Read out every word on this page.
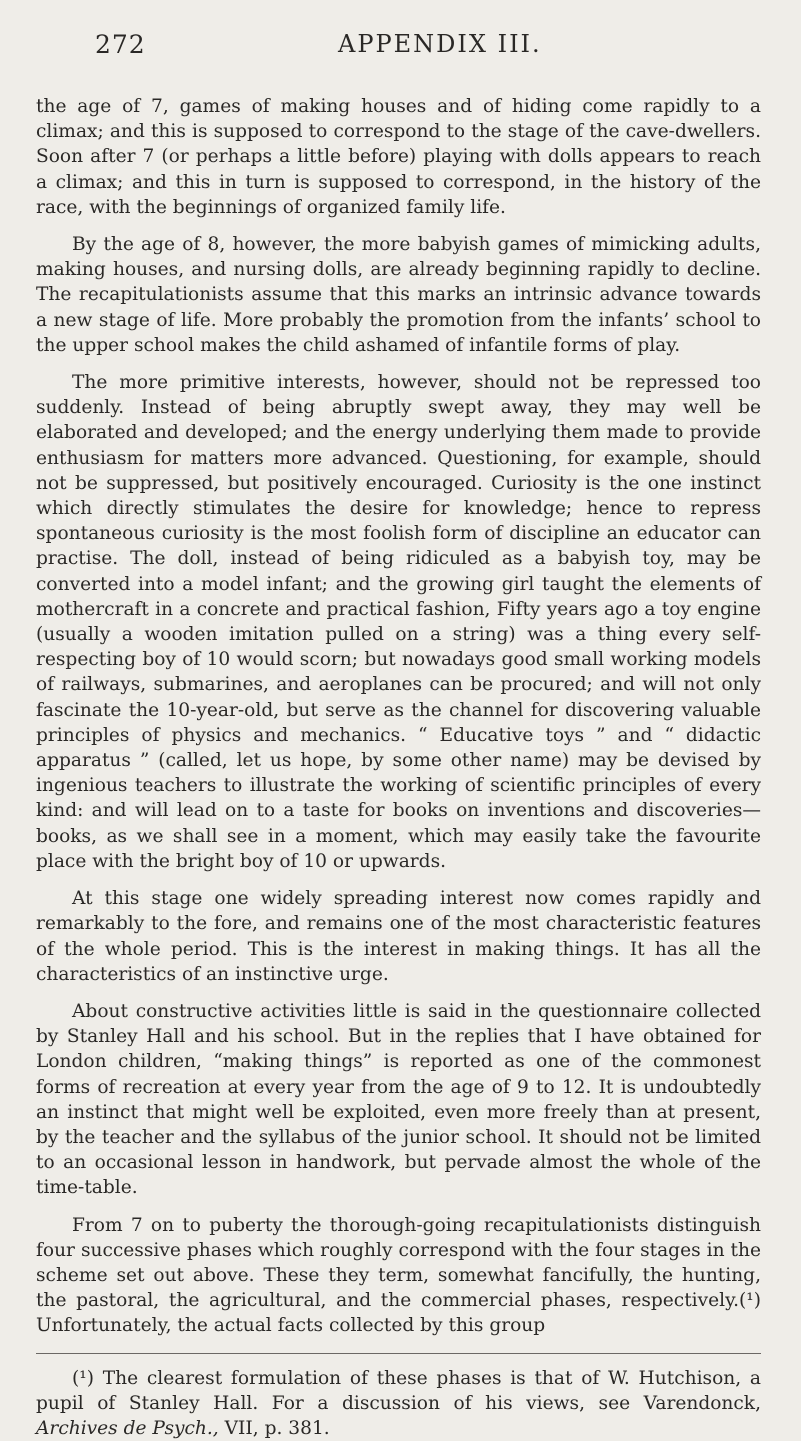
272	APPENDIX III.

the age of 7, games of making houses and of hiding come rapidly to a climax; and this is supposed to correspond to the stage of the cave-dwellers. Soon after 7 (or perhaps a little before) playing with dolls appears to reach a climax; and this in turn is supposed to correspond, in the history of the race, with the beginnings of organized family life.

By the age of 8, however, the more babyish games of mimicking adults, making houses, and nursing dolls, are already beginning rapidly to decline. The recapitulationists assume that this marks an intrinsic advance towards a new stage of life. More probably the promotion from the infants’ school to the upper school makes the child ashamed of infantile forms of play.

The more primitive interests, however, should not be repressed too suddenly. Instead of being abruptly swept away, they may well be elaborated and developed; and the energy underlying them made to provide enthusiasm for matters more advanced. Questioning, for example, should not be suppressed, but positively encouraged. Curiosity is the one instinct which directly stimulates the desire for knowledge; hence to repress spontaneous curiosity is the most foolish form of discipline an educator can practise. The doll, instead of being ridiculed as a babyish toy, may be converted into a model infant; and the growing girl taught the elements of mothercraft in a concrete and practical fashion, Fifty years ago a toy engine (usually a wooden imitation pulled on a string) was a thing every self-respecting boy of 10 would scorn; but nowadays good small working models of railways, submarines, and aeroplanes can be procured; and will not only fascinate the 10-year-old, but serve as the channel for discovering valuable principles of physics and mechanics. “ Educative toys ” and “ didactic apparatus ” (called, let us hope, by some other name) may be devised by ingenious teachers to illustrate the working of scientific principles of every kind: and will lead on to a taste for books on inventions and discoveries—books, as we shall see in a moment, which may easily take the favourite place with the bright boy of 10 or upwards.

At this stage one widely spreading interest now comes rapidly and remarkably to the fore, and remains one of the most characteristic features of the whole period. This is the interest in making things. It has all the characteristics of an instinctive urge.

About constructive activities little is said in the questionnaire collected by Stanley Hall and his school. But in the replies that I have obtained for London children, “making things” is reported as one of the commonest forms of recreation at every year from the age of 9 to 12. It is undoubtedly an instinct that might well be exploited, even more freely than at present, by the teacher and the syllabus of the junior school. It should not be limited to an occasional lesson in handwork, but pervade almost the whole of the time-table.

From 7 on to puberty the thorough-going recapitulationists distinguish four successive phases which roughly correspond with the four stages in the scheme set out above. These they term, somewhat fancifully, the hunting, the pastoral, the agricultural, and the commercial phases, respectively.(¹) Unfortunately, the actual facts collected by this group

(¹) The clearest formulation of these phases is that of W. Hutchison, a pupil of Stanley Hall. For a discussion of his views, see Varendonck, Archives de Psych., VII, p. 381.
